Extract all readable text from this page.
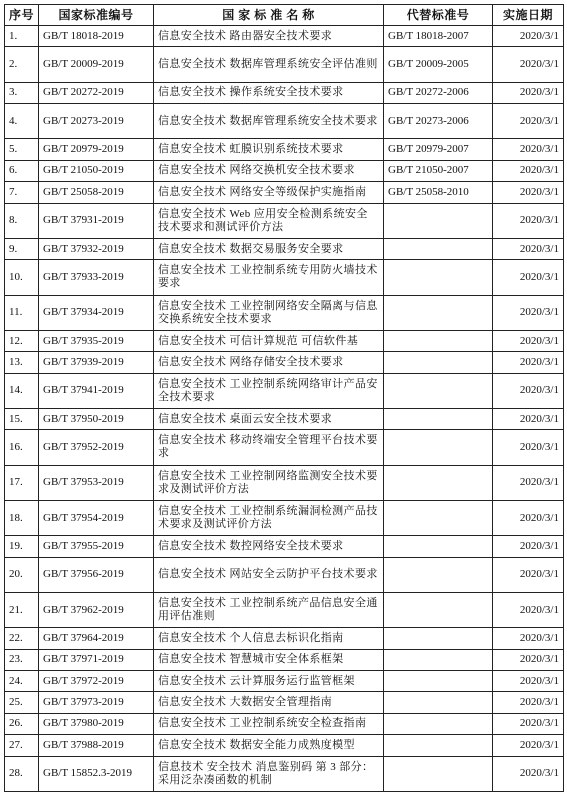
序号	国家标准编号	国 家 标 准 名 称	代替标准号	实施日期
1.	GB/T 18018-2019	信息安全技术 路由器安全技术要求	GB/T 18018-2007	2020/3/1
2.	GB/T 20009-2019	信息安全技术 数据库管理系统安全评估准则	GB/T 20009-2005	2020/3/1
3.	GB/T 20272-2019	信息安全技术 操作系统安全技术要求	GB/T 20272-2006	2020/3/1
4.	GB/T 20273-2019	信息安全技术 数据库管理系统安全技术要求	GB/T 20273-2006	2020/3/1
5.	GB/T 20979-2019	信息安全技术 虹膜识别系统技术要求	GB/T 20979-2007	2020/3/1
6.	GB/T 21050-2019	信息安全技术 网络交换机安全技术要求	GB/T 21050-2007	2020/3/1
7.	GB/T 25058-2019	信息安全技术 网络安全等级保护实施指南	GB/T 25058-2010	2020/3/1
8.	GB/T 37931-2019	信息安全技术 Web 应用安全检测系统安全技术要求和测试评价方法		2020/3/1
9.	GB/T 37932-2019	信息安全技术 数据交易服务安全要求		2020/3/1
10.	GB/T 37933-2019	信息安全技术 工业控制系统专用防火墙技术要求		2020/3/1
11.	GB/T 37934-2019	信息安全技术 工业控制网络安全隔离与信息交换系统安全技术要求		2020/3/1
12.	GB/T 37935-2019	信息安全技术 可信计算规范 可信软件基		2020/3/1
13.	GB/T 37939-2019	信息安全技术 网络存储安全技术要求		2020/3/1
14.	GB/T 37941-2019	信息安全技术 工业控制系统网络审计产品安全技术要求		2020/3/1
15.	GB/T 37950-2019	信息安全技术 桌面云安全技术要求		2020/3/1
16.	GB/T 37952-2019	信息安全技术 移动终端安全管理平台技术要求		2020/3/1
17.	GB/T 37953-2019	信息安全技术 工业控制网络监测安全技术要求及测试评价方法		2020/3/1
18.	GB/T 37954-2019	信息安全技术 工业控制系统漏洞检测产品技术要求及测试评价方法		2020/3/1
19.	GB/T 37955-2019	信息安全技术 数控网络安全技术要求		2020/3/1
20.	GB/T 37956-2019	信息安全技术 网站安全云防护平台技术要求		2020/3/1
21.	GB/T 37962-2019	信息安全技术 工业控制系统产品信息安全通用评估准则		2020/3/1
22.	GB/T 37964-2019	信息安全技术 个人信息去标识化指南		2020/3/1
23.	GB/T 37971-2019	信息安全技术 智慧城市安全体系框架		2020/3/1
24.	GB/T 37972-2019	信息安全技术 云计算服务运行监管框架		2020/3/1
25.	GB/T 37973-2019	信息安全技术 大数据安全管理指南		2020/3/1
26.	GB/T 37980-2019	信息安全技术 工业控制系统安全检查指南		2020/3/1
27.	GB/T 37988-2019	信息安全技术 数据安全能力成熟度模型		2020/3/1
28.	GB/T 15852.3-2019	信息技术 安全技术 消息鉴别码 第 3 部分：采用泛杂凑函数的机制		2020/3/1
